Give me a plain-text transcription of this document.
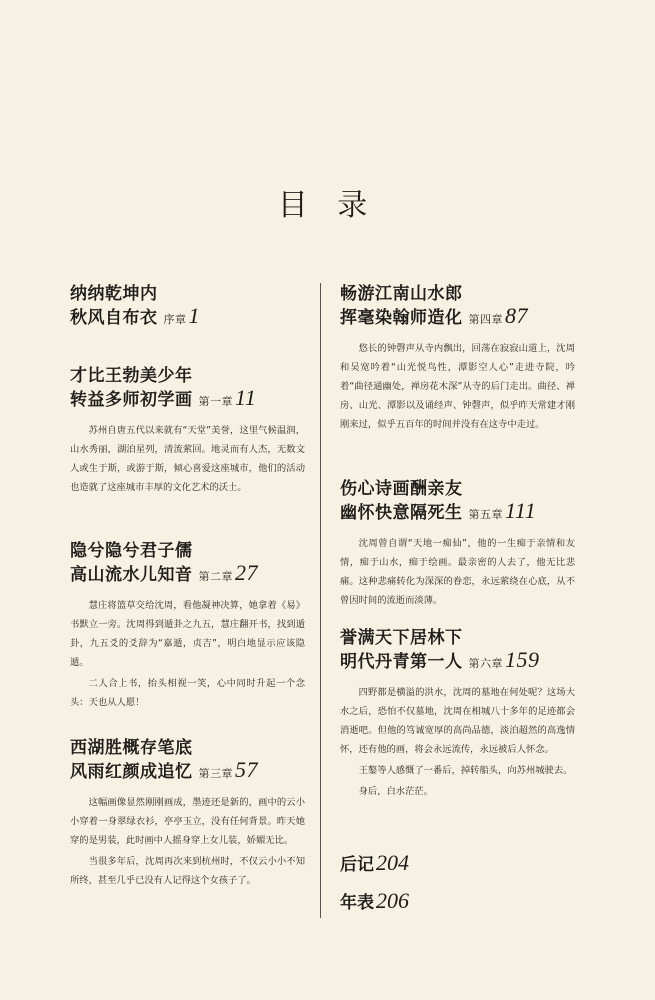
目 录

纳纳乾坤内

秋风自布衣 序章1

才比王勃美少年

转益多师初学画 第一章11

苏州自唐五代以来就有“天堂”美誉，这里气候温润，山水秀丽，湖泊星列，清流萦回。地灵而有人杰，无数文人或生于斯，或游于斯，倾心喜爱这座城市，他们的活动也造就了这座城市丰厚的文化艺术的沃土。

隐兮隐兮君子儒

高山流水儿知音 第二章27

慧庄将篮草交给沈周，看他凝神决算，她拿着《易》书默立一旁。沈周得到遁卦之九五，慧庄翻开书，找到遁卦，九五爻的爻辞为“嘉遁，贞吉”，明白地显示应该隐遁。

二人合上书，抬头相视一笑，心中同时升起一个念头：天也从人愿！

西湖胜概存笔底

风雨红颜成追忆 第三章57

这幅画像显然刚刚画成，墨迹还是新的，画中的云小小穿着一身翠绿衣衫，亭亭玉立，没有任何背景。昨天她穿的是男装，此时画中人摇身穿上女儿装，娇媚无比。

当很多年后，沈周再次来到杭州时，不仅云小小不知所终，甚至几乎已没有人记得这个女孩子了。

畅游江南山水郎

挥毫染翰师造化 第四章87

悠长的钟磬声从寺内飘出，回荡在寂寂山道上，沈周和吴宽吟着“山光悦鸟性，潭影空人心”走进寺院，吟着“曲径通幽处，禅房花木深”从寺的后门走出。曲径、禅房、山光、潭影以及诵经声、钟磬声，似乎昨天常建才刚刚来过，似乎五百年的时间并没有在这寺中走过。

伤心诗画酬亲友

幽怀快意隔死生 第五章111

沈周曾自谓“天地一痴仙”，他的一生痴于亲情和友情，痴于山水，痴于绘画。最亲密的人去了，他无比悲痛。这种悲痛转化为深深的眷恋，永远萦绕在心底，从不曾因时间的流逝而淡薄。

誉满天下居林下

明代丹青第一人 第六章159

四野都是横溢的洪水，沈周的墓地在何处呢？这场大水之后，恐怕不仅墓地，沈周在相城八十多年的足迹都会消逝吧。但他的笃诚宽厚的高尚品德，淡泊超然的高逸情怀，还有他的画，将会永远流传，永远被后人怀念。

王鏊等人感慨了一番后，掉转船头，向苏州城驶去。

身后，白水茫茫。

后记204
年表206
